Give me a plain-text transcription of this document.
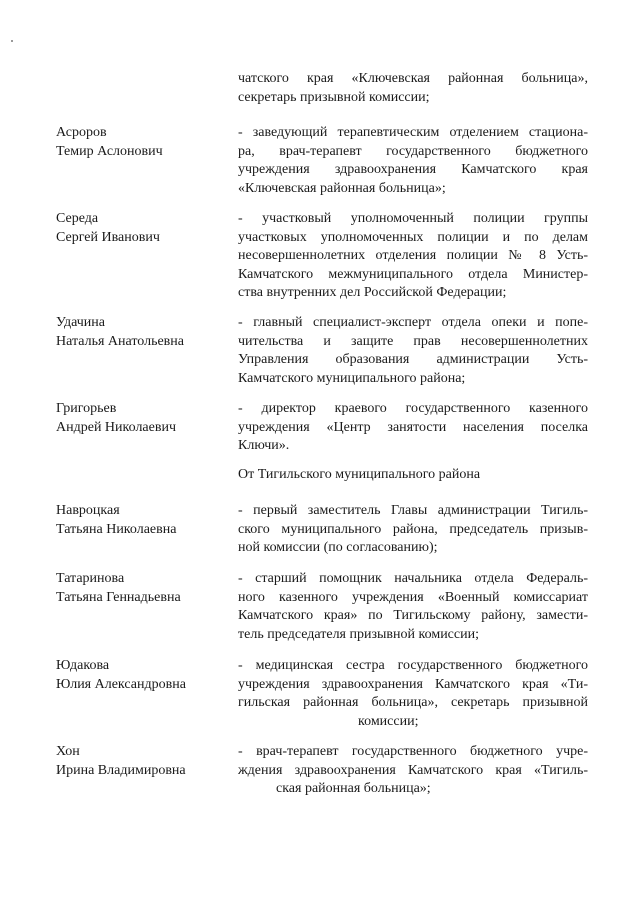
чатского края «Ключевская районная больница»,
секретарь призывной комиссии;
Асроров
Темир Аслонович
- заведующий терапевтическим отделением стациона-
ра, врач-терапевт государственного бюджетного
учреждения здравоохранения Камчатского края
«Ключевская районная больница»;
Середа
Сергей Иванович
- участковый уполномоченный полиции группы
участковых уполномоченных полиции и по делам
несовершеннолетних отделения полиции № 8 Усть-
Камчатского межмуниципального отдела Министер-
ства внутренних дел Российской Федерации;
Удачина
Наталья Анатольевна
- главный специалист-эксперт отдела опеки и попе-
чительства и защите прав несовершеннолетних
Управления образования администрации Усть-
Камчатского муниципального района;
Григорьев
Андрей Николаевич
- директор краевого государственного казенного
учреждения «Центр занятости населения поселка
Ключи».
От Тигильского муниципального района
Навроцкая
Татьяна Николаевна
- первый заместитель Главы администрации Тигиль-
ского муниципального района, председатель призыв-
ной комиссии (по согласованию);
Татаринова
Татьяна Геннадьевна
- старший помощник начальника отдела Федераль-
ного казенного учреждения «Военный комиссариат
Камчатского края» по Тигильскому району, замести-
тель председателя призывной комиссии;
Юдакова
Юлия Александровна
- медицинская сестра государственного бюджетного
учреждения здравоохранения Камчатского края «Ти-
гильская районная больница», секретарь призывной
комиссии;
Хон
Ирина Владимировна
- врач-терапевт государственного бюджетного учре-
ждения здравоохранения Камчатского края «Тигиль-
ская районная больница»;
